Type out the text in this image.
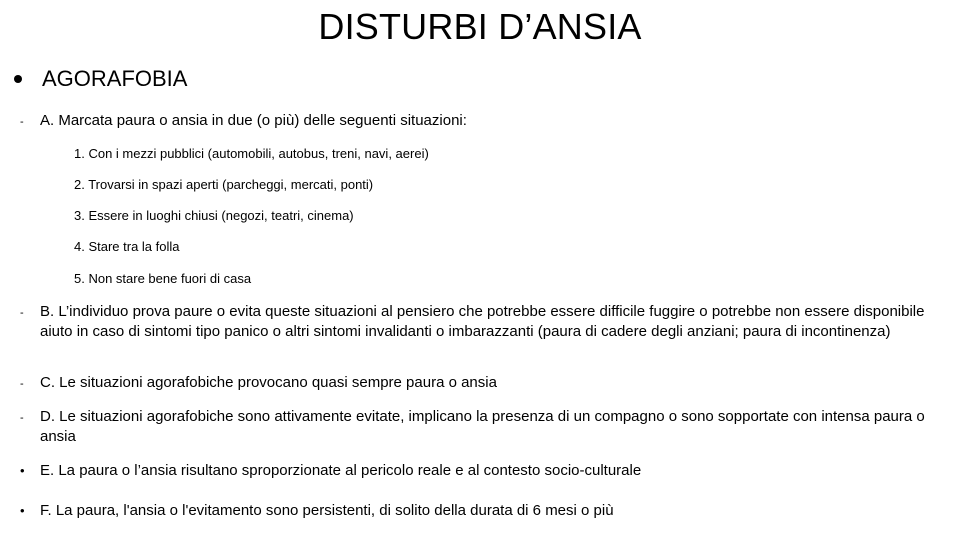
DISTURBI D’ANSIA
AGORAFOBIA
- A. Marcata paura o ansia in due (o più) delle seguenti situazioni:
1. Con i mezzi pubblici (automobili, autobus, treni, navi, aerei)
2. Trovarsi in spazi aperti (parcheggi, mercati, ponti)
3. Essere in luoghi chiusi (negozi, teatri, cinema)
4. Stare tra la folla
5. Non stare bene fuori di casa
- B. L’individuo prova paure o evita queste situazioni al pensiero che potrebbe essere difficile fuggire o potrebbe non essere disponibile aiuto in caso di sintomi tipo panico o altri sintomi invalidanti o imbarazzanti (paura di cadere degli anziani; paura di incontinenza)
- C. Le situazioni agorafobiche provocano quasi sempre paura o ansia
- D. Le situazioni agorafobiche sono attivamente evitate, implicano la presenza di un compagno o sono sopportate con intensa paura o ansia
• E. La paura o l’ansia risultano sproporzionate al pericolo reale e al contesto socio-culturale
• F. La paura, l'ansia o l'evitamento sono persistenti, di solito della durata di 6 mesi o più
